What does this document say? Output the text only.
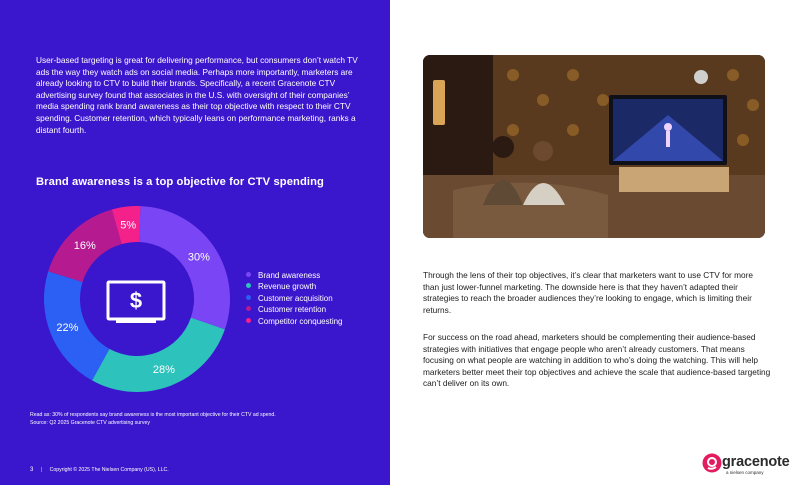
User-based targeting is great for delivering performance, but consumers don’t watch TV ads the way they watch ads on social media. Perhaps more importantly, marketers are already looking to CTV to build their brands. Specifically, a recent Gracenote CTV advertising survey found that associates in the U.S. with oversight of their companies’ media spending rank brand awareness as their top objective with respect to their CTV spending. Customer retention, which typically leans on performance marketing, ranks a distant fourth.

Brand awareness is a top objective for CTV spending
30%
28%
22%
16%
5%
$
Brand awareness
Revenue growth
Customer acquisition
Customer retention
Competitor conquesting

Read as: 30% of respondents say brand awareness is the most important objective for their CTV ad spend.
Source: Q2 2025 Gracenote CTV advertising survey

3 | Copyright © 2025 The Nielsen Company (US), LLC.

Through the lens of their top objectives, it’s clear that marketers want to use CTV for more than just lower-funnel marketing. The downside here is that they haven’t adapted their strategies to reach the broader audiences they’re looking to engage, which is limiting their returns.

For success on the road ahead, marketers should be complementing their audience-based strategies with initiatives that engage people who aren’t already customers. That means focusing on what people are watching in addition to who’s doing the watching. This will help marketers better meet their top objectives and achieve the scale that audience-based targeting can’t deliver on its own.

gracenote
a nielsen company
